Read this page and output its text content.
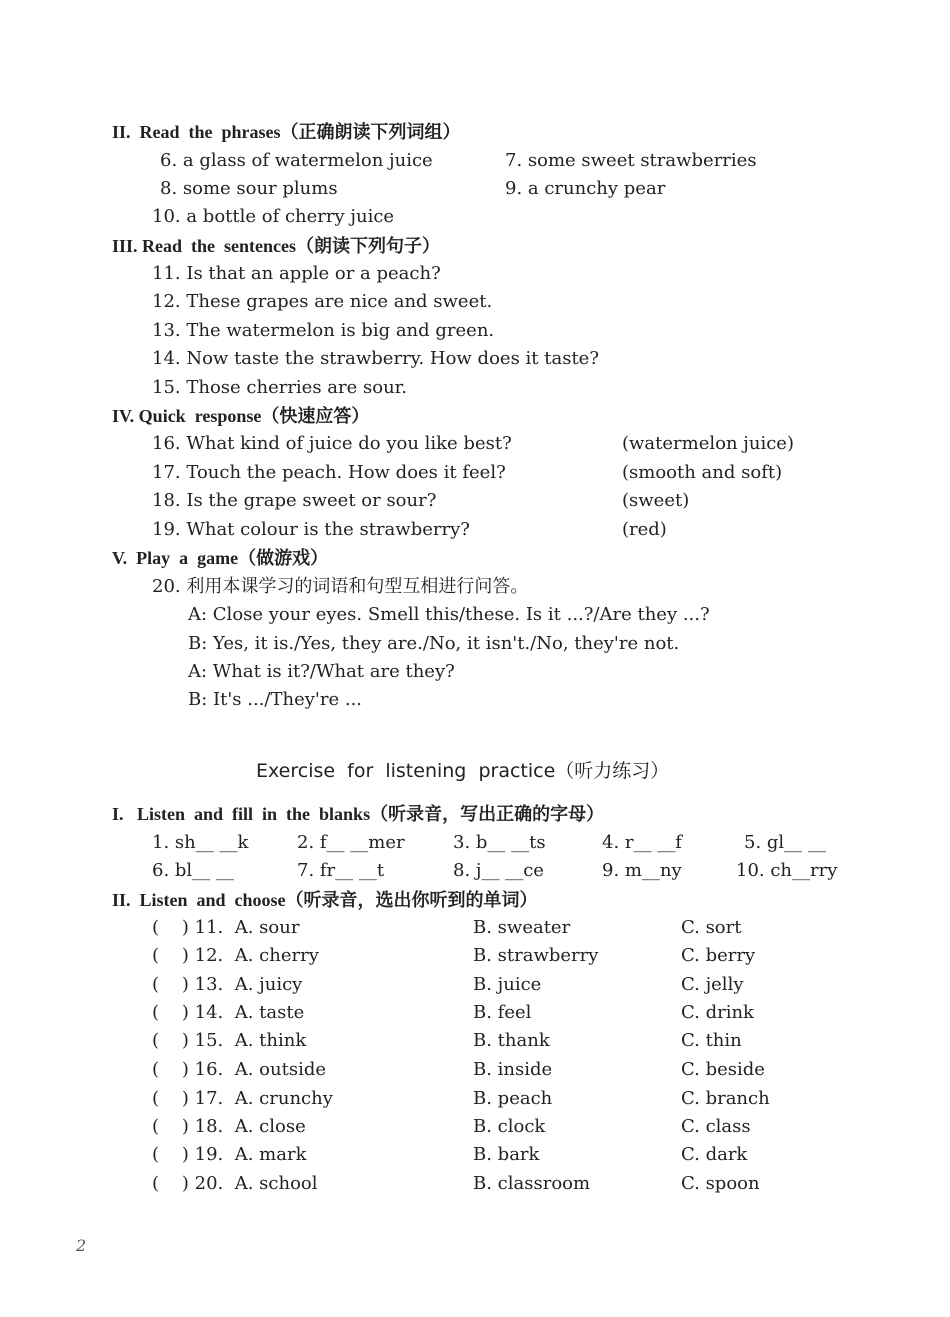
II.  Read  the  phrases（正确朗读下列词组）
6. a glass of watermelon juice	7. some sweet strawberries
8. some sour plums	9. a crunchy pear
10. a bottle of cherry juice
III. Read  the  sentences（朗读下列句子）
11. Is that an apple or a peach?
12. These grapes are nice and sweet.
13. The watermelon is big and green.
14. Now taste the strawberry. How does it taste?
15. Those cherries are sour.
IV. Quick  response（快速应答）
16. What kind of juice do you like best?	(watermelon juice)
17. Touch the peach. How does it feel?	(smooth and soft)
18. Is the grape sweet or sour?	(sweet)
19. What colour is the strawberry?	(red)
V.  Play  a  game（做游戏）
20. 利用本课学习的词语和句型互相进行问答。
A: Close your eyes. Smell this/these. Is it ...?/Are they ...?
B: Yes, it is./Yes, they are./No, it isn't./No, they're not.
A: What is it?/What are they?
B: It's .../They're ...
Exercise  for  listening  practice（听力练习）
I.   Listen  and  fill  in  the  blanks（听录音，写出正确的字母）
1. sh__ __k	2. f__ __mer	3. b__ __ts	4. r__ __f	5. gl__ __
6. bl__ __	7. fr__ __t	8. j__ __ce	9. m__ny	10. ch__rry
II.  Listen  and  choose（听录音，选出你听到的单词）
(    ) 11.  A. sour	B. sweater	C. sort
(    ) 12.  A. cherry	B. strawberry	C. berry
(    ) 13.  A. juicy	B. juice	C. jelly
(    ) 14.  A. taste	B. feel	C. drink
(    ) 15.  A. think	B. thank	C. thin
(    ) 16.  A. outside	B. inside	C. beside
(    ) 17.  A. crunchy	B. peach	C. branch
(    ) 18.  A. close	B. clock	C. class
(    ) 19.  A. mark	B. bark	C. dark
(    ) 20.  A. school	B. classroom	C. spoon
2
